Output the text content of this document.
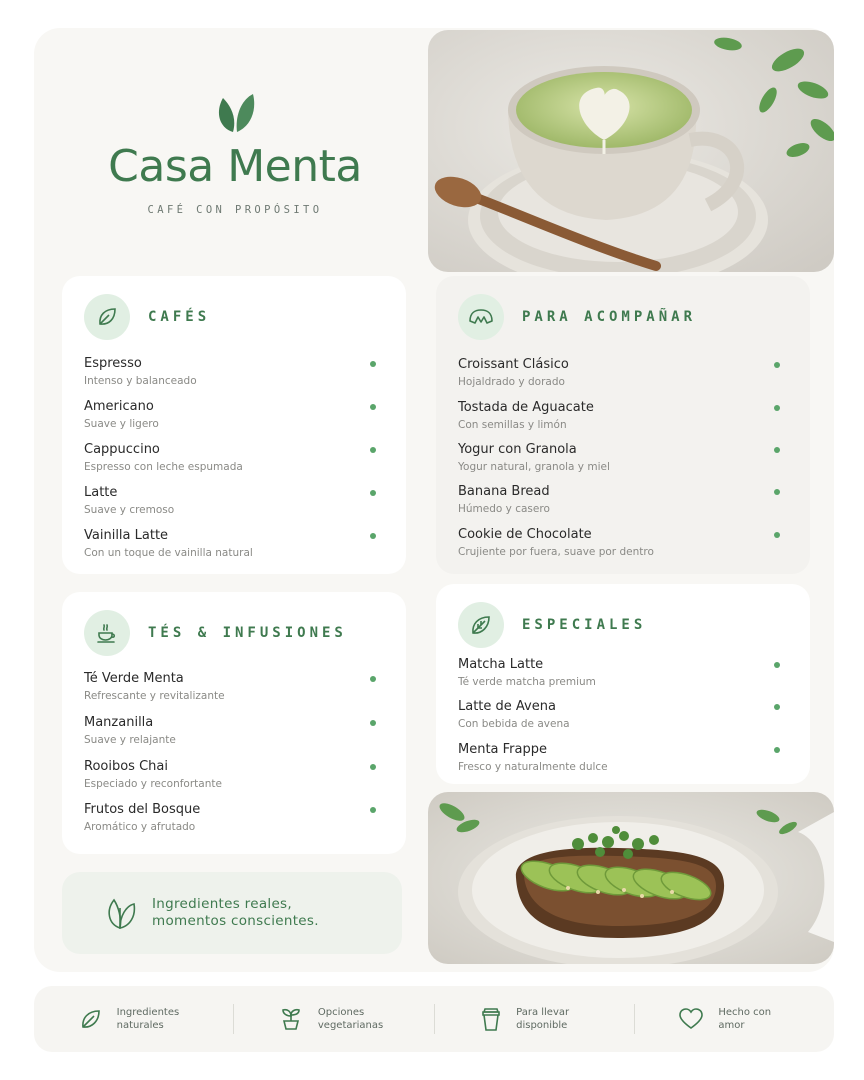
Casa Menta
CAFÉ CON PROPÓSITO
CAFÉS
Espresso
Intenso y balanceado
Americano
Suave y ligero
Cappuccino
Espresso con leche espumada
Latte
Suave y cremoso
Vainilla Latte
Con un toque de vainilla natural
PARA ACOMPAÑAR
Croissant Clásico
Hojaldrado y dorado
Tostada de Aguacate
Con semillas y limón
Yogur con Granola
Yogur natural, granola y miel
Banana Bread
Húmedo y casero
Cookie de Chocolate
Crujiente por fuera, suave por dentro
TÉS & INFUSIONES
Té Verde Menta
Refrescante y revitalizante
Manzanilla
Suave y relajante
Rooibos Chai
Especiado y reconfortante
Frutos del Bosque
Aromático y afrutado
ESPECIALES
Matcha Latte
Té verde matcha premium
Latte de Avena
Con bebida de avena
Menta Frappe
Fresco y naturalmente dulce
Ingredientes reales,
momentos conscientes.
Ingredientes
naturales
Opciones
vegetarianas
Para llevar
disponible
Hecho con
amor
